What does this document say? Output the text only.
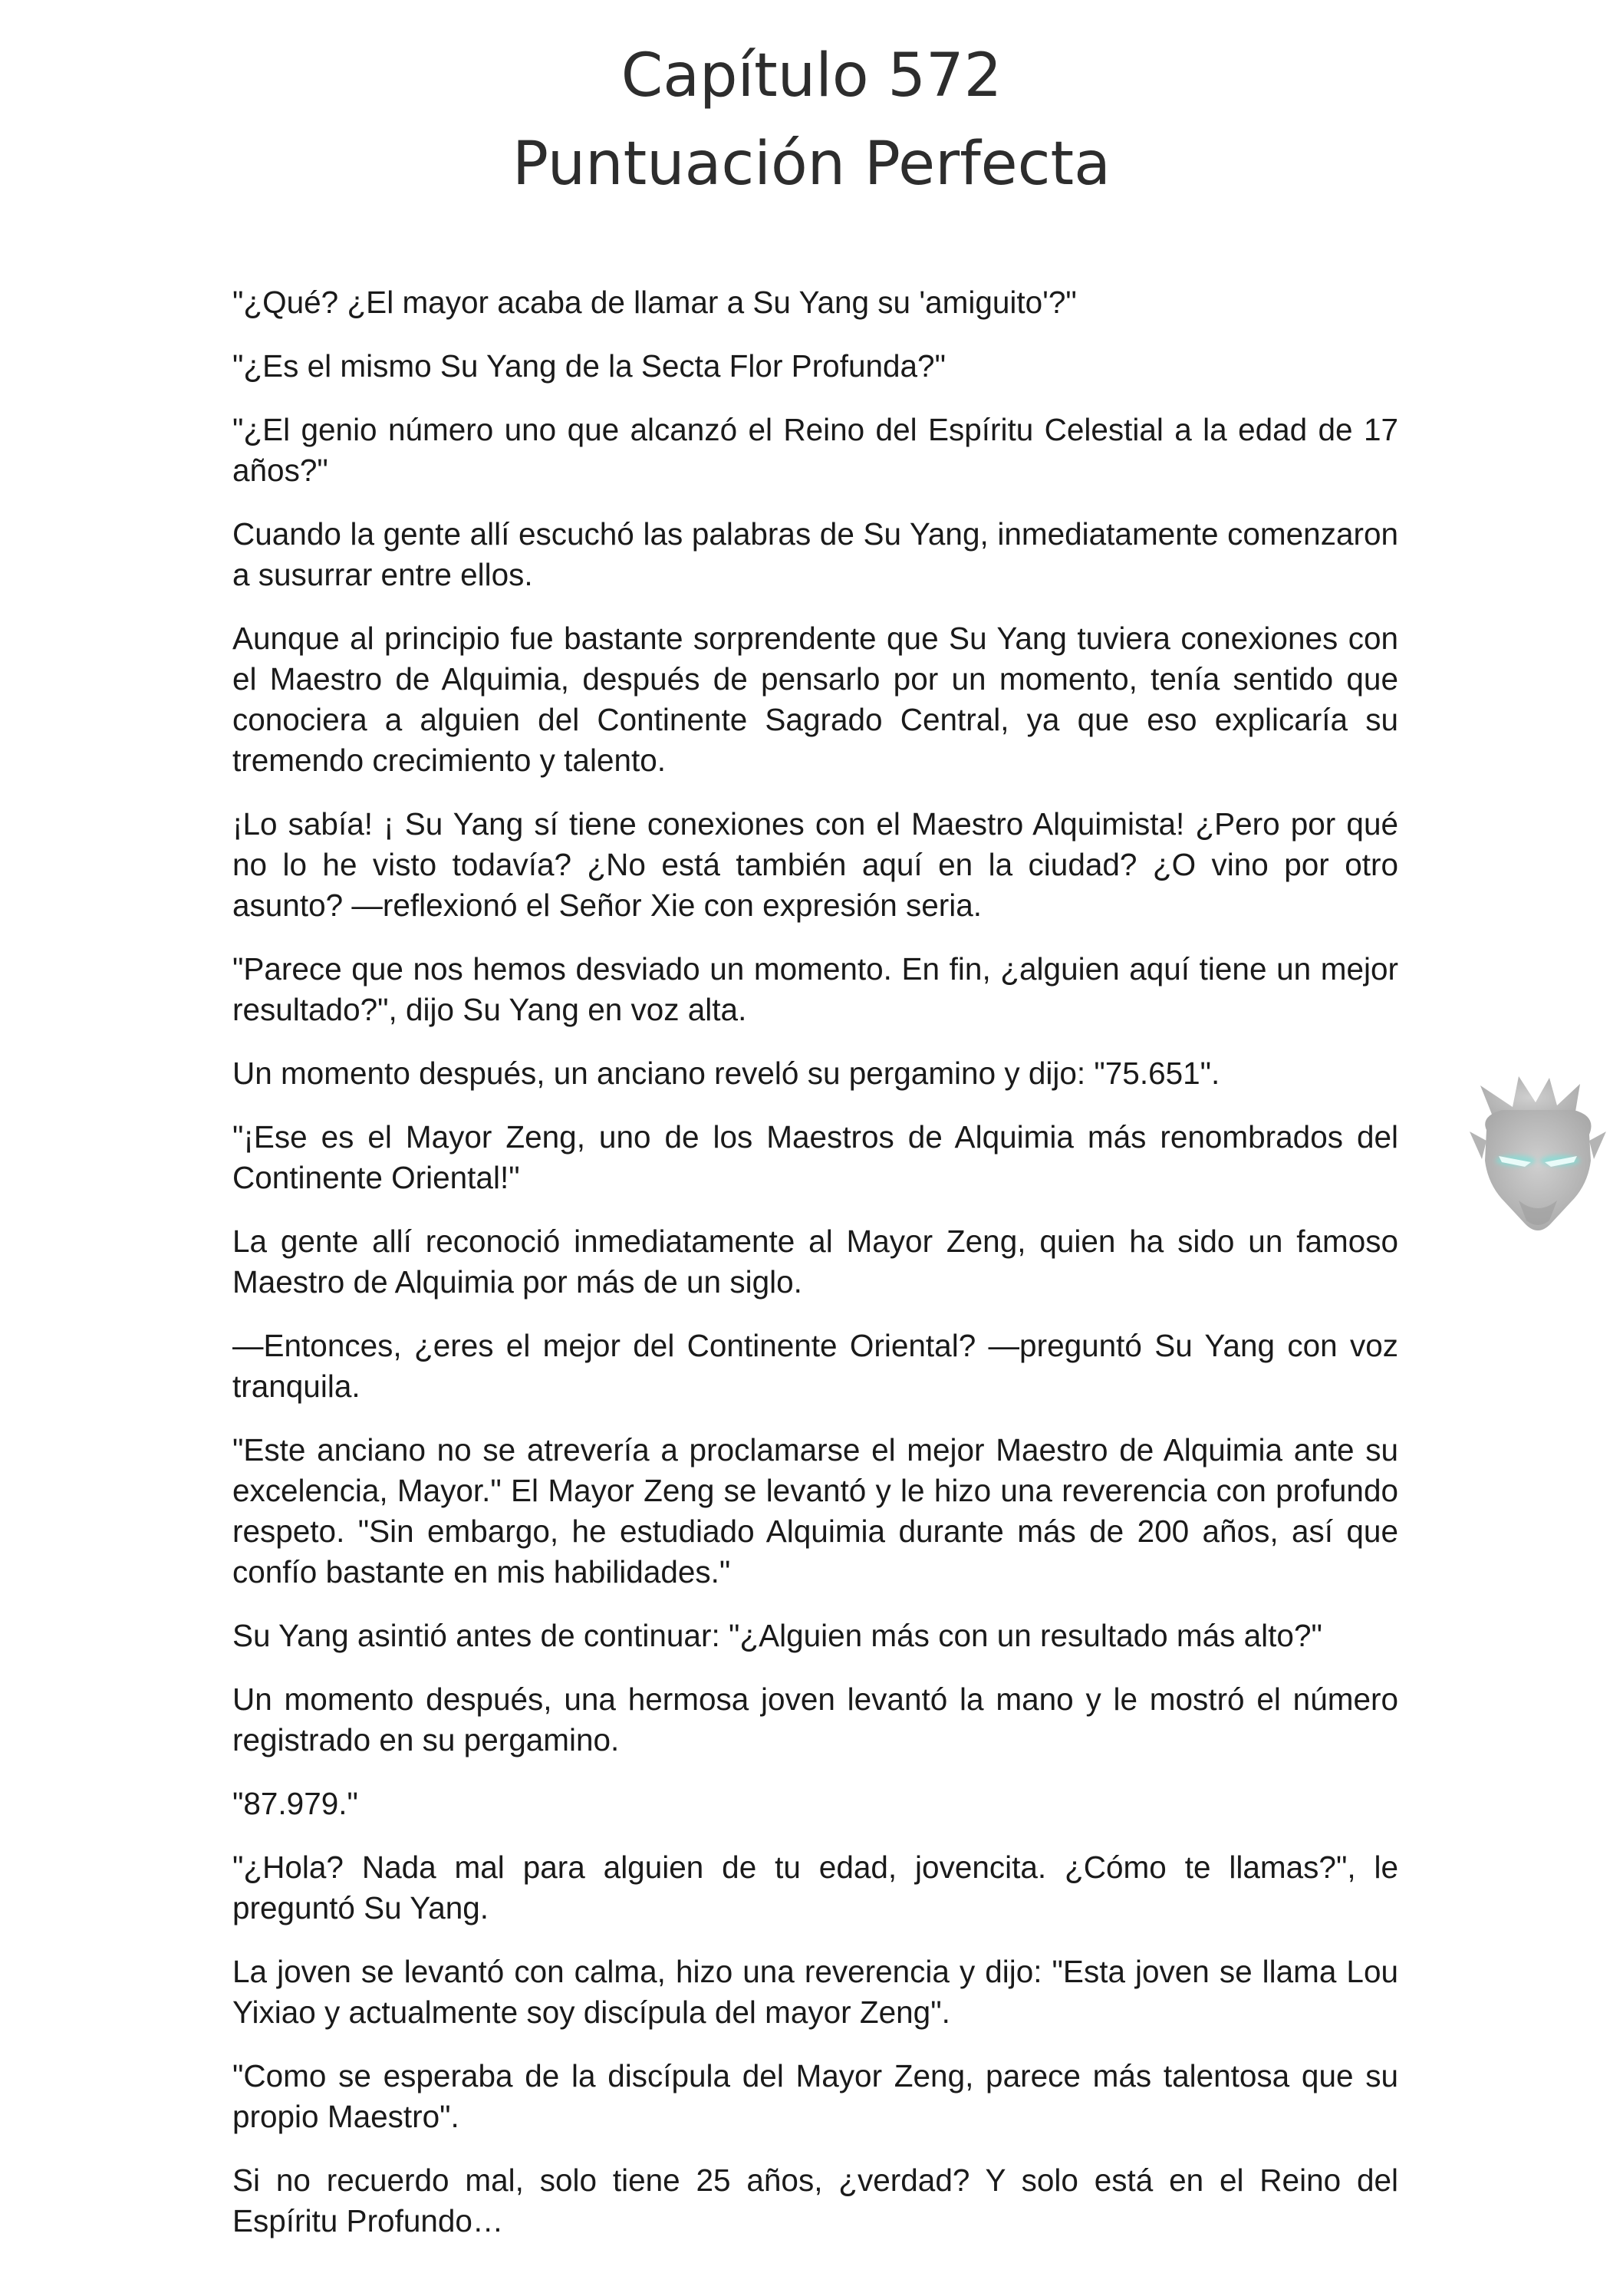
Capítulo 572
Puntuación Perfecta

"¿Qué? ¿El mayor acaba de llamar a Su Yang su 'amiguito'?"

"¿Es el mismo Su Yang de la Secta Flor Profunda?"

"¿El genio número uno que alcanzó el Reino del Espíritu Celestial a la edad de 17 años?"

Cuando la gente allí escuchó las palabras de Su Yang, inmediatamente comenzaron a susurrar entre ellos.

Aunque al principio fue bastante sorprendente que Su Yang tuviera conexiones con el Maestro de Alquimia, después de pensarlo por un momento, tenía sentido que conociera a alguien del Continente Sagrado Central, ya que eso explicaría su tremendo crecimiento y talento.

¡Lo sabía! ¡ Su Yang sí tiene conexiones con el Maestro Alquimista! ¿Pero por qué no lo he visto todavía? ¿No está también aquí en la ciudad? ¿O vino por otro asunto? —reflexionó el Señor Xie con expresión seria.

"Parece que nos hemos desviado un momento. En fin, ¿alguien aquí tiene un mejor resultado?", dijo Su Yang en voz alta.

Un momento después, un anciano reveló su pergamino y dijo: "75.651".

"¡Ese es el Mayor Zeng, uno de los Maestros de Alquimia más renombrados del Continente Oriental!"

La gente allí reconoció inmediatamente al Mayor Zeng, quien ha sido un famoso Maestro de Alquimia por más de un siglo.

—Entonces, ¿eres el mejor del Continente Oriental? —preguntó Su Yang con voz tranquila.

"Este anciano no se atrevería a proclamarse el mejor Maestro de Alquimia ante su excelencia, Mayor." El Mayor Zeng se levantó y le hizo una reverencia con profundo respeto. "Sin embargo, he estudiado Alquimia durante más de 200 años, así que confío bastante en mis habilidades."

Su Yang asintió antes de continuar: "¿Alguien más con un resultado más alto?"

Un momento después, una hermosa joven levantó la mano y le mostró el número registrado en su pergamino.

"87.979."

"¿Hola? Nada mal para alguien de tu edad, jovencita. ¿Cómo te llamas?", le preguntó Su Yang.

La joven se levantó con calma, hizo una reverencia y dijo: "Esta joven se llama Lou Yixiao y actualmente soy discípula del mayor Zeng".

"Como se esperaba de la discípula del Mayor Zeng, parece más talentosa que su propio Maestro".

Si no recuerdo mal, solo tiene 25 años, ¿verdad? Y solo está en el Reino del Espíritu Profundo…
